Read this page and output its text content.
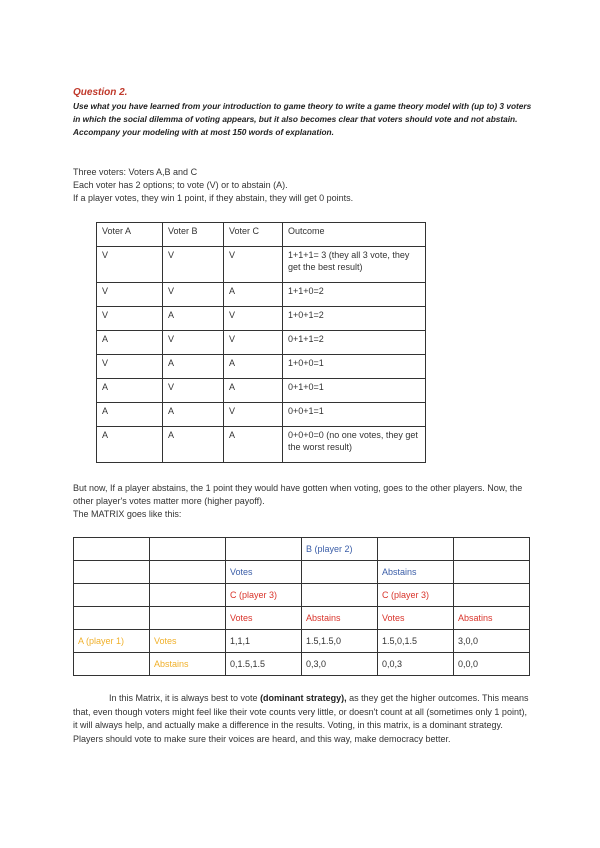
Question 2.
Use what you have learned from your introduction to game theory to write a game theory model with (up to) 3 voters in which the social dilemma of voting appears, but it also becomes clear that voters should vote and not abstain. Accompany your modeling with at most 150 words of explanation.
Three voters: Voters A,B and C
Each voter has 2 options; to vote (V) or to abstain (A).
If a player votes, they win 1 point, if they abstain, they will get 0 points.
Voter A	Voter B	Voter C	Outcome
V	V	V	1+1+1= 3 (they all 3 vote, they get the best result)
V	V	A	1+1+0=2
V	A	V	1+0+1=2
A	V	V	0+1+1=2
V	A	A	1+0+0=1
A	V	A	0+1+0=1
A	A	V	0+0+1=1
A	A	A	0+0+0=0 (no one votes, they get the worst result)
But now, If a player abstains, the 1 point they would have gotten when voting, goes to the other players. Now, the other player's votes matter more (higher payoff).
The MATRIX goes like this:
			B (player 2)		
		Votes		Abstains	
		C (player 3)		C (player 3)	
		Votes	Abstains	Votes	Absatins
A (player 1)	Votes	1,1,1	1.5,1.5,0	1.5,0,1.5	3,0,0
	Abstains	0,1.5,1.5	0,3,0	0,0,3	0,0,0
In this Matrix, it is always best to vote (dominant strategy), as they get the higher outcomes. This means that, even though voters might feel like their vote counts very little, or doesn't count at all (sometimes only 1 point), it will always help, and actually make a difference in the results. Voting, in this matrix, is a dominant strategy. Players should vote to make sure their voices are heard, and this way, make democracy better.
